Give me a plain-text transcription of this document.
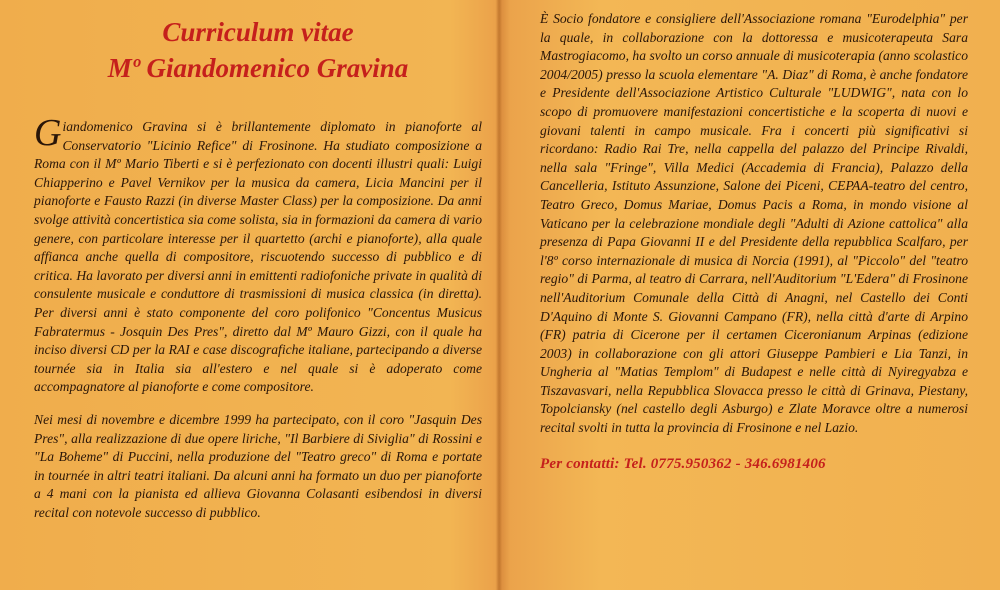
Curriculum vitae
Mº Giandomenico Gravina

Giandomenico Gravina si è brillantemente diplomato in pianoforte al Conservatorio "Licinio Refice" di Frosinone. Ha studiato composizione a Roma con il Mº Mario Tiberti e si è perfezionato con docenti illustri quali: Luigi Chiapperino e Pavel Vernikov per la musica da camera, Licia Mancini per il pianoforte e Fausto Razzi (in diverse Master Class) per la composizione. Da anni svolge attività concertistica sia come solista, sia in formazioni da camera di vario genere, con particolare interesse per il quartetto (archi e pianoforte), alla quale affianca anche quella di compositore, riscuotendo successo di pubblico e di critica. Ha lavorato per diversi anni in emittenti radiofoniche private in qualità di consulente musicale e conduttore di trasmissioni di musica classica (in diretta). Per diversi anni è stato componente del coro polifonico "Concentus Musicus Fabratermus - Josquin Des Pres", diretto dal Mº Mauro Gizzi, con il quale ha inciso diversi CD per la RAI e case discografiche italiane, partecipando a diverse tournée sia in Italia sia all'estero e nel quale si è adoperato come accompagnatore al pianoforte e come compositore.

Nei mesi di novembre e dicembre 1999 ha partecipato, con il coro "Jasquin Des Pres", alla realizzazione di due opere liriche, "Il Barbiere di Siviglia" di Rossini e "La Boheme" di Puccini, nella produzione del "Teatro greco" di Roma e portate in tournée in altri teatri italiani. Da alcuni anni ha formato un duo per pianoforte a 4 mani con la pianista ed allieva Giovanna Colasanti esibendosi in diversi recital con notevole successo di pubblico.

È Socio fondatore e consigliere dell'Associazione romana "Eurodelphia" per la quale, in collaborazione con la dottoressa e musicoterapeuta Sara Mastrogiacomo, ha svolto un corso annuale di musicoterapia (anno scolastico 2004/2005) presso la scuola elementare "A. Diaz" di Roma, è anche fondatore e Presidente dell'Associazione Artistico Culturale "LUDWIG", nata con lo scopo di promuovere manifestazioni concertistiche e la scoperta di nuovi e giovani talenti in campo musicale. Fra i concerti più significativi si ricordano: Radio Rai Tre, nella cappella del palazzo del Principe Rivaldi, nella sala "Fringe", Villa Medici (Accademia di Francia), Palazzo della Cancelleria, Istituto Assunzione, Salone dei Piceni, CEPAA-teatro del centro, Teatro Greco, Domus Mariae, Domus Pacis a Roma, in mondo visione al Vaticano per la celebrazione mondiale degli "Adulti di Azione cattolica" alla presenza di Papa Giovanni II e del Presidente della repubblica Scalfaro, per l'8º corso internazionale di musica di Norcia (1991), al "Piccolo" del "teatro regio" di Parma, al teatro di Carrara, nell'Auditorium "L'Edera" di Frosinone nell'Auditorium Comunale della Città di Anagni, nel Castello dei Conti D'Aquino di Monte S. Giovanni Campano (FR), nella città d'arte di Arpino (FR) patria di Cicerone per il certamen Ciceronianum Arpinas (edizione 2003) in collaborazione con gli attori Giuseppe Pambieri e Lia Tanzi, in Ungheria al "Matias Templom" di Budapest e nelle città di Nyiregyabza e Tiszavasvari, nella Repubblica Slovacca presso le città di Grinava, Piestany, Topolciansky (nel castello degli Asburgo) e Zlate Moravce oltre a numerosi recital svolti in tutta la provincia di Frosinone e nel Lazio.

Per contatti: Tel. 0775.950362 - 346.6981406
